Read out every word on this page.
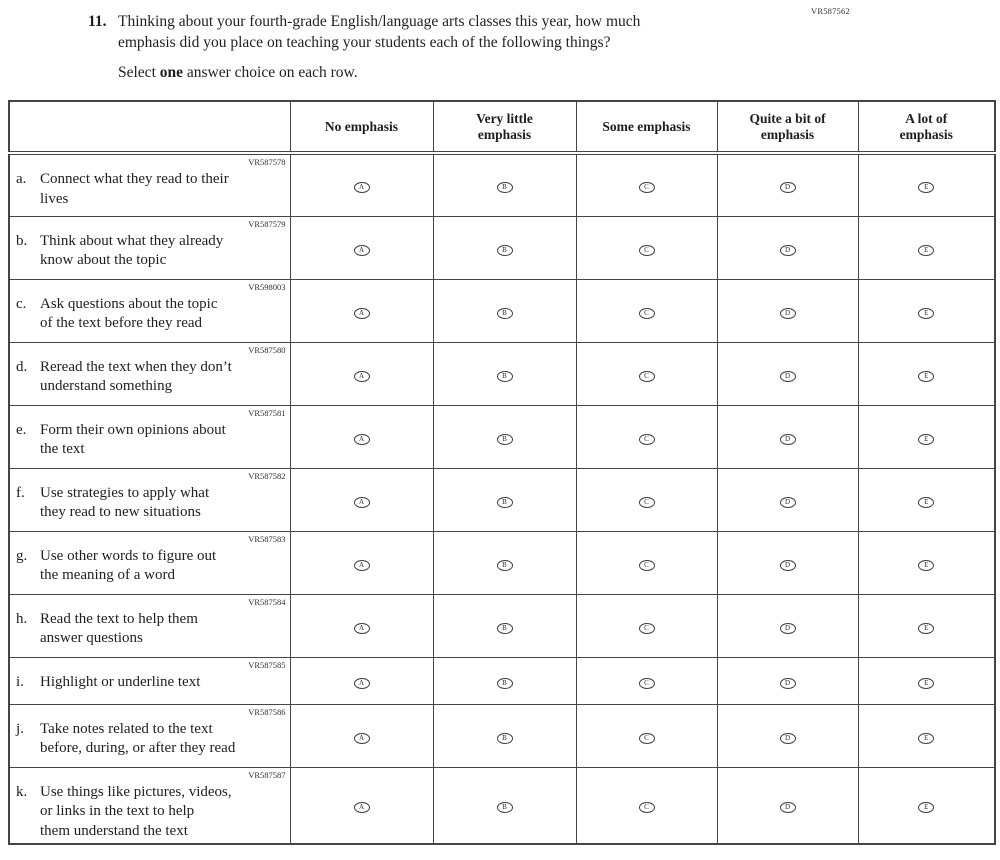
VR587562
11. Thinking about your fourth-grade English/language arts classes this year, how much
emphasis did you place on teaching your students each of the following things?
Select one answer choice on each row.
	No emphasis	Very little
emphasis	Some emphasis	Quite a bit of
emphasis	A lot of
emphasis

VR587578
a. Connect what they read to their
lives	A	B	C	D	E

VR587579
b. Think about what they already
know about the topic	A	B	C	D	E

VR598003
c. Ask questions about the topic
of the text before they read	A	B	C	D	E

VR587580
d. Reread the text when they don’t
understand something	A	B	C	D	E

VR587581
e. Form their own opinions about
the text	A	B	C	D	E

VR587582
f. Use strategies to apply what
they read to new situations	A	B	C	D	E

VR587583
g. Use other words to figure out
the meaning of a word	A	B	C	D	E

VR587584
h. Read the text to help them
answer questions	A	B	C	D	E

VR587585
i. Highlight or underline text	A	B	C	D	E

VR587586
j. Take notes related to the text
before, during, or after they read	A	B	C	D	E

VR587587
k. Use things like pictures, videos,
or links in the text to help
them understand the text	A	B	C	D	E
